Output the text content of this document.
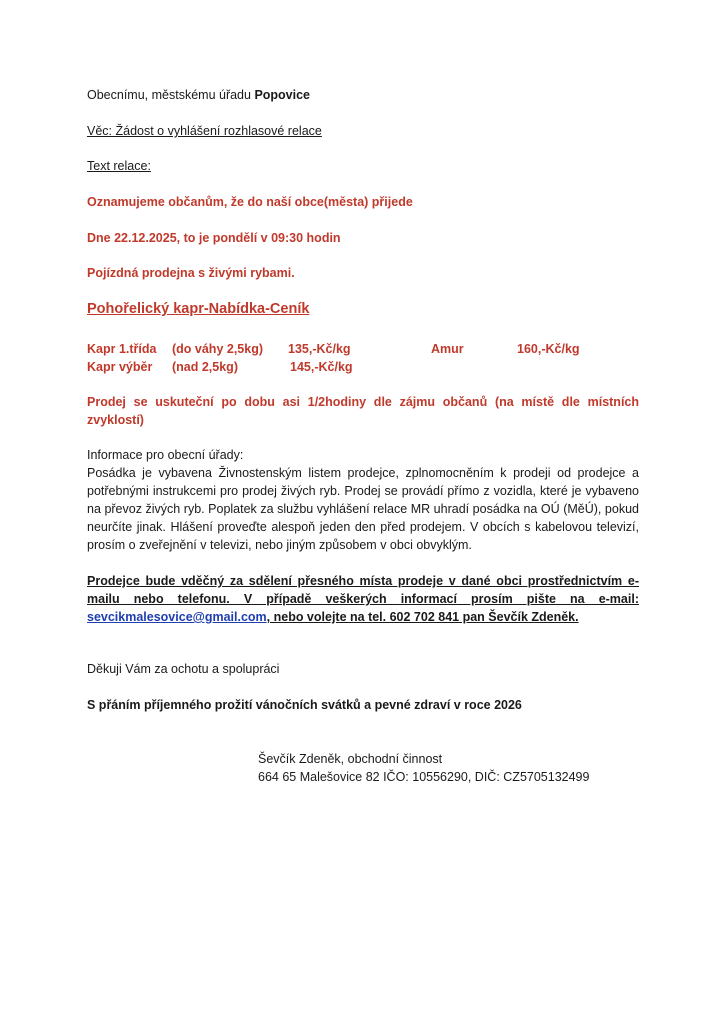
Obecnímu, městskému úřadu Popovice
Věc: Žádost o vyhlášení rozhlasové relace
Text relace:
Oznamujeme občanům, že do naší obce(města) přijede
Dne 22.12.2025, to je pondělí v 09:30 hodin
Pojízdná prodejna s živými rybami.
Pohořelický kapr-Nabídka-Ceník
Kapr 1.třída (do váhy 2,5kg) 135,-Kč/kg	Amur	160,-Kč/kg
Kapr výběr (nad 2,5kg)	145,-Kč/kg
Prodej se uskuteční po dobu asi 1/2hodiny dle zájmu občanů (na místě dle místních zvyklostí)
Informace pro obecní úřady:
Posádka je vybavena Živnostenským listem prodejce, zplnomocněním k prodeji od prodejce a potřebnými instrukcemi pro prodej živých ryb. Prodej se provádí přímo z vozidla, které je vybaveno na převoz živých ryb. Poplatek za službu vyhlášení relace MR uhradí posádka na OÚ (MěÚ), pokud neurčíte jinak. Hlášení proveďte alespoň jeden den před prodejem. V obcích s kabelovou televizí, prosím o zveřejnění v televizi, nebo jiným způsobem v obci obvyklým.
Prodejce bude vděčný za sdělení přesného místa prodeje v dané obci prostřednictvím e-mailu nebo telefonu. V případě veškerých informací prosím pište na e-mail: sevcikmalesovice@gmail.com, nebo volejte na tel. 602 702 841 pan Ševčík Zdeněk.
Děkuji Vám za ochotu a spolupráci
S přáním příjemného prožití vánočních svátků a pevné zdraví v roce 2026
Ševčík Zdeněk, obchodní činnost
664 65 Malešovice 82 IČO: 10556290, DIČ: CZ5705132499
